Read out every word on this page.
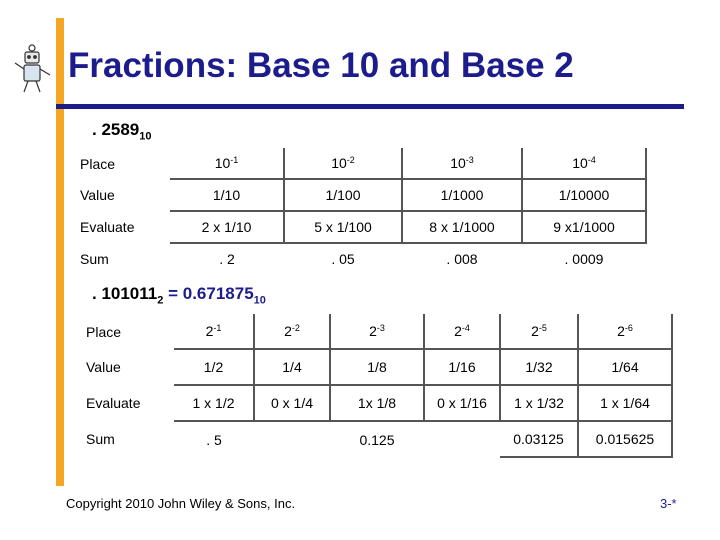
Fractions: Base 10 and Base 2
. $2589_{10}$
Place	$10^{-1}$	$10^{-2}$	$10^{-3}$	$10^{-4}$
Value	1/10	1/100	1/1000	1/10000
Evaluate	2 x 1/10	5 x 1/100	8 x 1/1000	9 x1/1000
Sum	. 2	. 05	. 008	. 0009
. $101011_2 = 0.671875_{10}$
Place	$2^{-1}$	$2^{-2}$	$2^{-3}$	$2^{-4}$	$2^{-5}$	$2^{-6}$
Value	1/2	1/4	1/8	1/16	1/32	1/64
Evaluate	1 x 1/2	0 x 1/4	1x 1/8	0 x 1/16	1 x 1/32	1 x 1/64
Sum	. 5		0.125		0.03125	0.015625
Copyright 2010 John Wiley & Sons, Inc.	3-*
